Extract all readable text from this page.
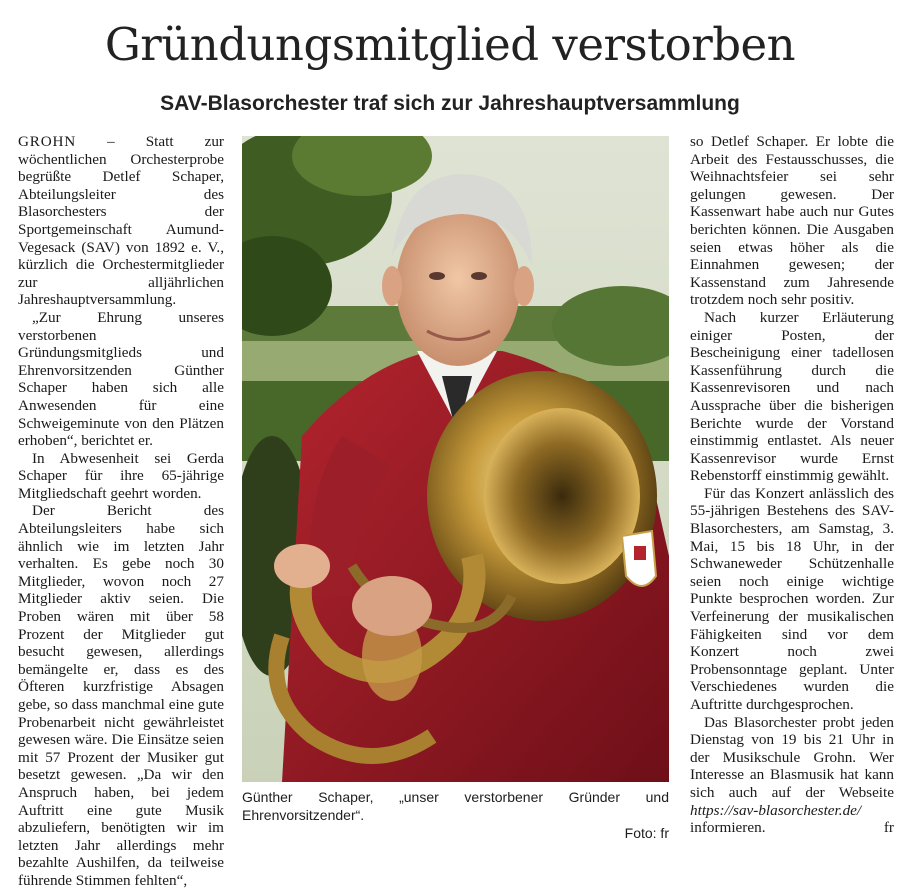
Gründungsmitglied verstorben
SAV-Blasorchester traf sich zur Jahreshauptversammlung

GROHN – Statt zur wöchentlichen Orchesterprobe begrüßte Detlef Schaper, Abteilungsleiter des Blasorchesters der Sportgemeinschaft Aumund-Vegesack (SAV) von 1892 e. V., kürzlich die Orchestermitglieder zur alljährlichen Jahreshauptversammlung.

„Zur Ehrung unseres verstorbenen Gründungsmitglieds und Ehrenvorsitzenden Günther Schaper haben sich alle Anwesenden für eine Schweigeminute von den Plätzen erhoben“, berichtet er.

In Abwesenheit sei Gerda Schaper für ihre 65-jährige Mitgliedschaft geehrt worden.

Der Bericht des Abteilungsleiters habe sich ähnlich wie im letzten Jahr verhalten. Es gebe noch 30 Mitglieder, wovon noch 27 Mitglieder aktiv seien. Die Proben wären mit über 58 Prozent der Mitglieder gut besucht gewesen, allerdings bemängelte er, dass es des Öfteren kurzfristige Absagen gebe, so dass manchmal eine gute Probenarbeit nicht gewährleistet gewesen wäre. Die Einsätze seien mit 57 Prozent der Musiker gut besetzt gewesen. „Da wir den Anspruch haben, bei jedem Auftritt eine gute Musik abzuliefern, benötigten wir im letzten Jahr allerdings mehr bezahlte Aushilfen, da teilweise führende Stimmen fehlten“,

Günther Schaper, „unser verstorbener Gründer und Ehrenvorsitzender“.
Foto: fr

so Detlef Schaper. Er lobte die Arbeit des Festausschusses, die Weihnachtsfeier sei sehr gelungen gewesen. Der Kassenwart habe auch nur Gutes berichten können. Die Ausgaben seien etwas höher als die Einnahmen gewesen; der Kassenstand zum Jahresende trotzdem noch sehr positiv.

Nach kurzer Erläuterung einiger Posten, der Bescheinigung einer tadellosen Kassenführung durch die Kassenrevisoren und nach Aussprache über die bisherigen Berichte wurde der Vorstand einstimmig entlastet. Als neuer Kassenrevisor wurde Ernst Rebenstorff einstimmig gewählt.

Für das Konzert anlässlich des 55-jährigen Bestehens des SAV-Blasorchesters, am Samstag, 3. Mai, 15 bis 18 Uhr, in der Schwaneweder Schützenhalle seien noch einige wichtige Punkte besprochen worden. Zur Verfeinerung der musikalischen Fähigkeiten sind vor dem Konzert noch zwei Probensonntage geplant. Unter Verschiedenes wurden die Auftritte durchgesprochen.

Das Blasorchester probt jeden Dienstag von 19 bis 21 Uhr in der Musikschule Grohn. Wer Interesse an Blasmusik hat kann sich auch auf der Webseite https://sav-blasorchester.de/ informieren.	fr
